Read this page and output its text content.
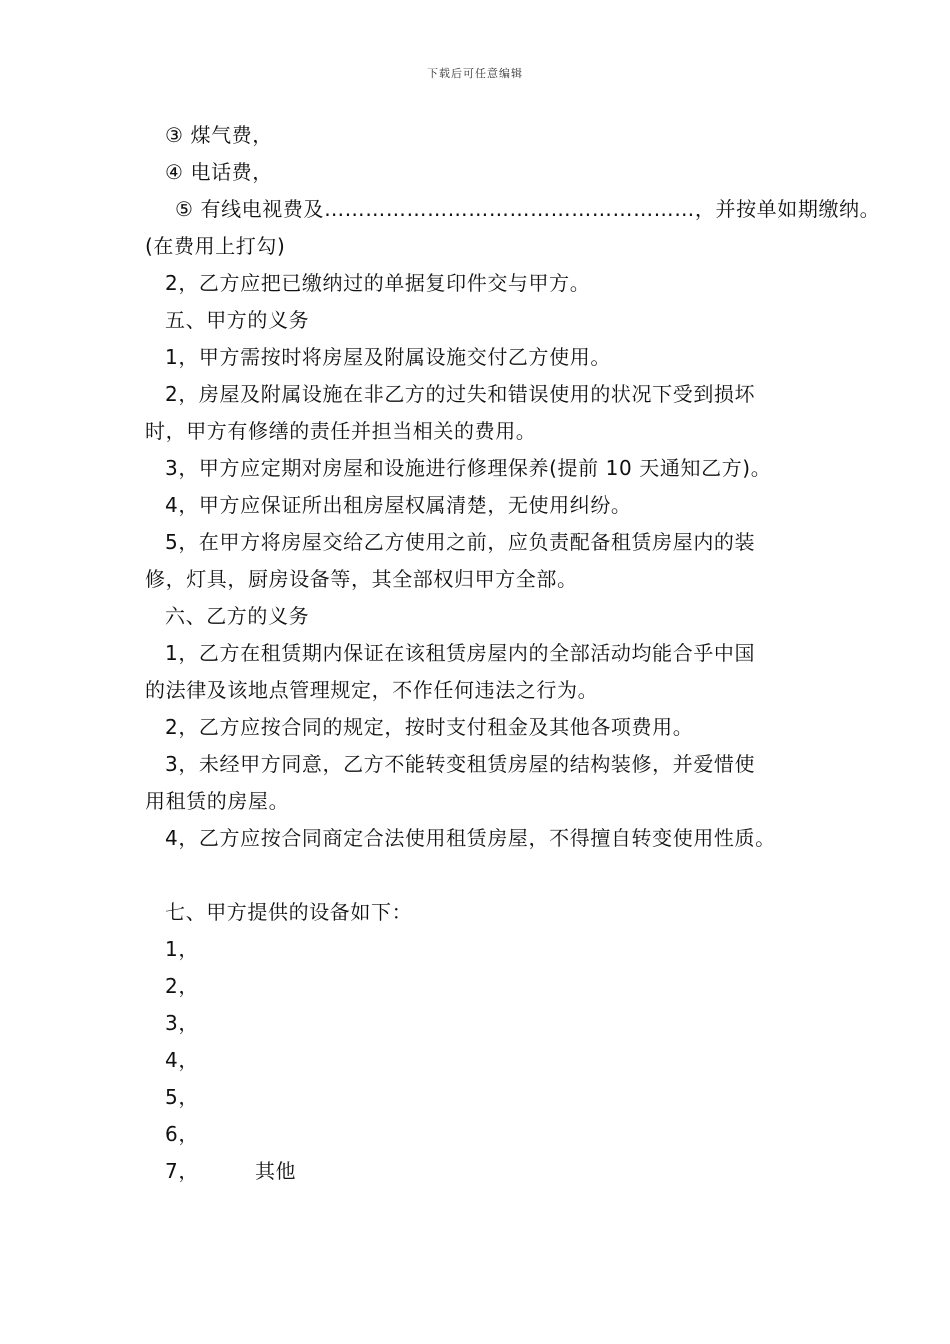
下载后可任意编辑
③ 煤气费，
④ 电话费，
⑤ 有线电视费及………………………………………………，并按单如期缴纳。
(在费用上打勾)
2，乙方应把已缴纳过的单据复印件交与甲方。
五、甲方的义务
1，甲方需按时将房屋及附属设施交付乙方使用。
2，房屋及附属设施在非乙方的过失和错误使用的状况下受到损坏
时，甲方有修缮的责任并担当相关的费用。
3，甲方应定期对房屋和设施进行修理保养(提前 10 天通知乙方)。
4，甲方应保证所出租房屋权属清楚，无使用纠纷。
5，在甲方将房屋交给乙方使用之前，应负责配备租赁房屋内的装
修，灯具，厨房设备等，其全部权归甲方全部。
六、乙方的义务
1，乙方在租赁期内保证在该租赁房屋内的全部活动均能合乎中国
的法律及该地点管理规定，不作任何违法之行为。
2，乙方应按合同的规定，按时支付租金及其他各项费用。
3，未经甲方同意，乙方不能转变租赁房屋的结构装修，并爱惜使
用租赁的房屋。
4，乙方应按合同商定合法使用租赁房屋，不得擅自转变使用性质。
七、甲方提供的设备如下：
1，
2，
3，
4，
5，
6，
7，	其他
